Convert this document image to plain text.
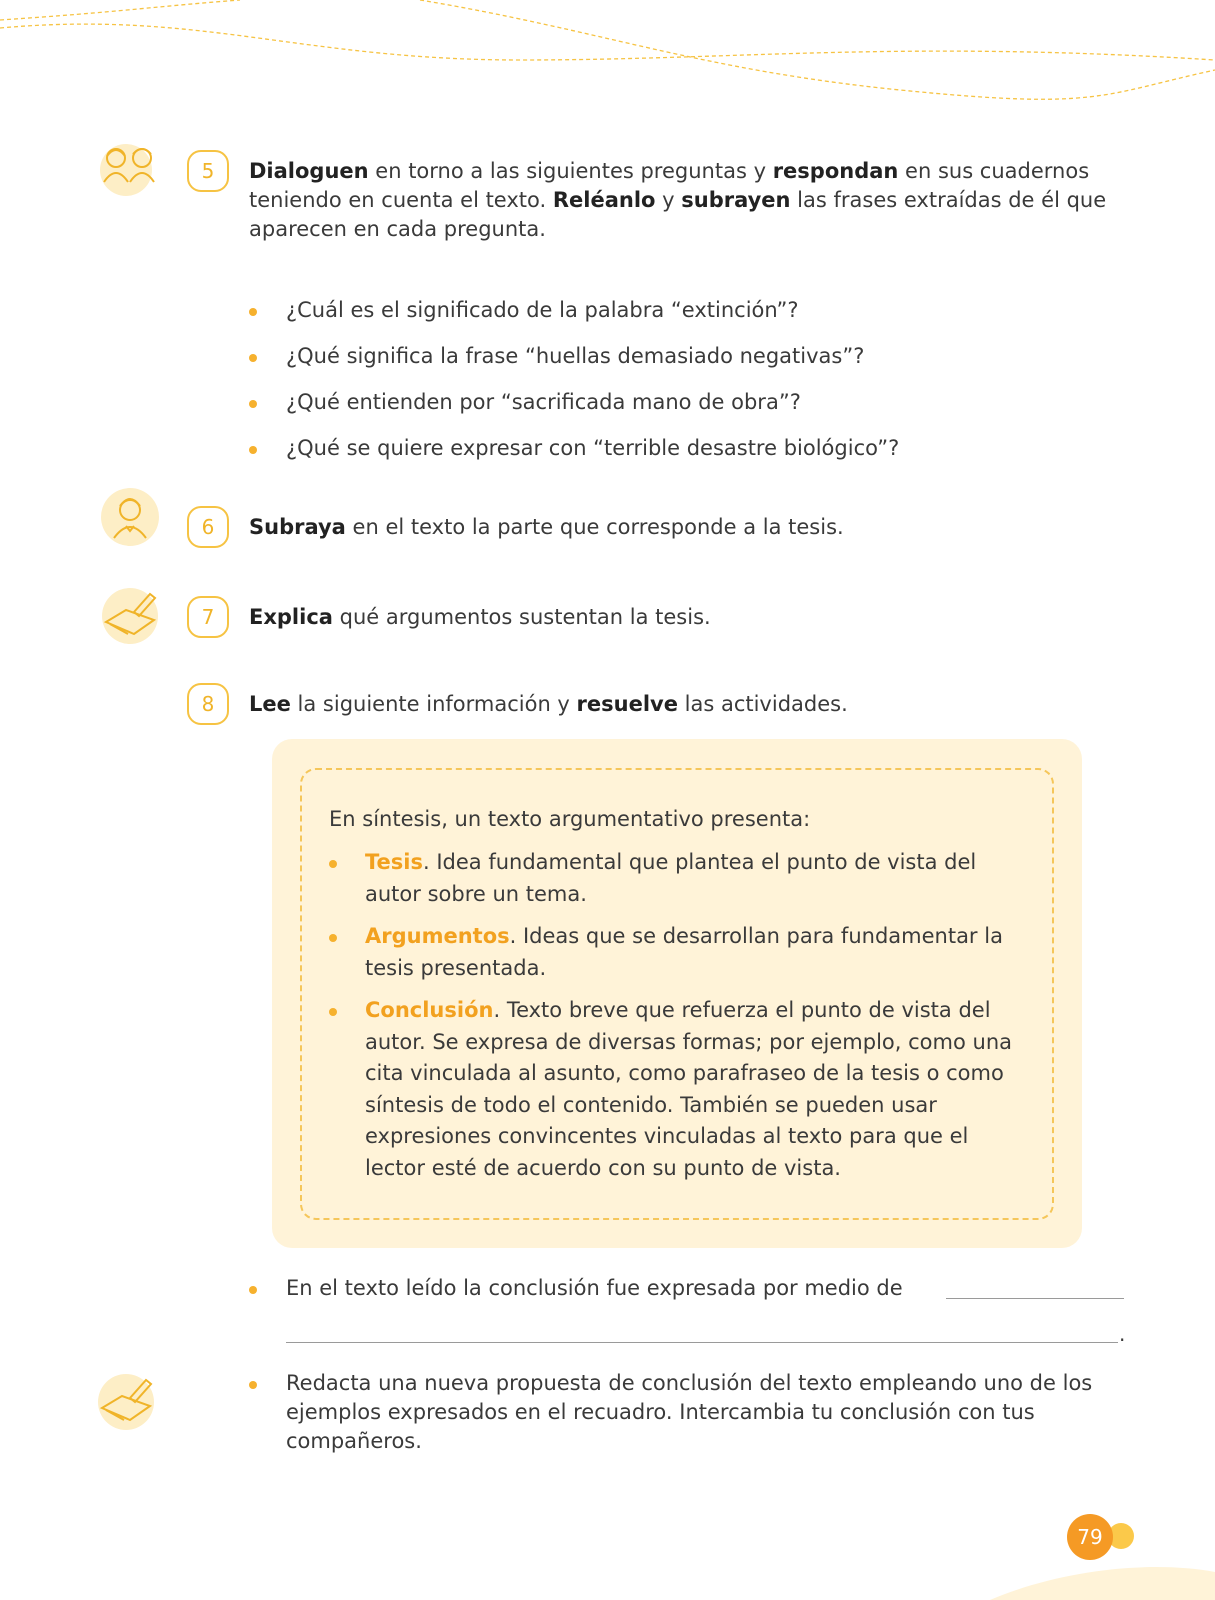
5	Dialoguen en torno a las siguientes preguntas y respondan en sus cuadernos teniendo en cuenta el texto. Reléanlo y subrayen las frases extraídas de él que aparecen en cada pregunta.
¿Cuál es el significado de la palabra “extinción”?
¿Qué significa la frase “huellas demasiado negativas”?
¿Qué entienden por “sacrificada mano de obra”?
¿Qué se quiere expresar con “terrible desastre biológico”?
6	Subraya en el texto la parte que corresponde a la tesis.
7	Explica qué argumentos sustentan la tesis.
8	Lee la siguiente información y resuelve las actividades.
En síntesis, un texto argumentativo presenta:
Tesis. Idea fundamental que plantea el punto de vista del autor sobre un tema.
Argumentos. Ideas que se desarrollan para fundamentar la tesis presentada.
Conclusión. Texto breve que refuerza el punto de vista del autor. Se expresa de diversas formas; por ejemplo, como una cita vinculada al asunto, como parafraseo de la tesis o como síntesis de todo el contenido. También se pueden usar expresiones convincentes vinculadas al texto para que el lector esté de acuerdo con su punto de vista.
En el texto leído la conclusión fue expresada por medio de
.
Redacta una nueva propuesta de conclusión del texto empleando uno de los ejemplos expresados en el recuadro. Intercambia tu conclusión con tus compañeros.
79
